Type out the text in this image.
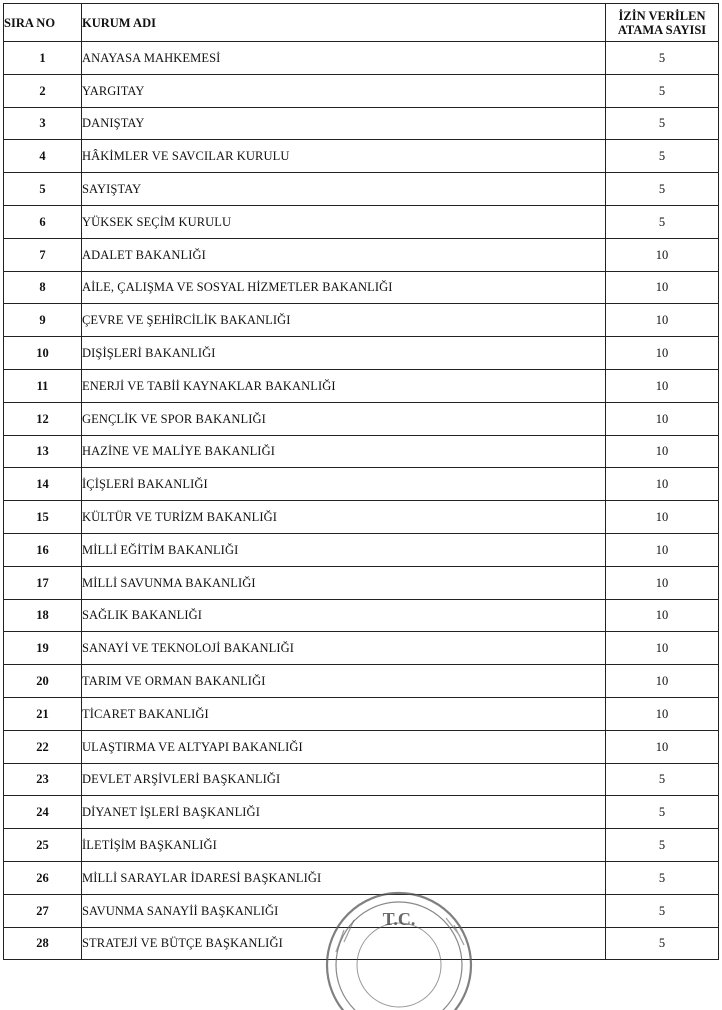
SIRA NO	KURUM ADI	İZİN VERİLEN
ATAMA SAYISI
1	ANAYASA MAHKEMESİ	5
2	YARGITAY	5
3	DANIŞTAY	5
4	HÂKİMLER VE SAVCILAR KURULU	5
5	SAYIŞTAY	5
6	YÜKSEK SEÇİM KURULU	5
7	ADALET BAKANLIĞI	10
8	AİLE, ÇALIŞMA VE SOSYAL HİZMETLER BAKANLIĞI	10
9	ÇEVRE VE ŞEHİRCİLİK BAKANLIĞI	10
10	DIŞİŞLERİ BAKANLIĞI	10
11	ENERJİ VE TABİİ KAYNAKLAR BAKANLIĞI	10
12	GENÇLİK VE SPOR BAKANLIĞI	10
13	HAZİNE VE MALİYE BAKANLIĞI	10
14	İÇİŞLERİ BAKANLIĞI	10
15	KÜLTÜR VE TURİZM BAKANLIĞI	10
16	MİLLİ EĞİTİM BAKANLIĞI	10
17	MİLLİ SAVUNMA BAKANLIĞI	10
18	SAĞLIK BAKANLIĞI	10
19	SANAYİ VE TEKNOLOJİ BAKANLIĞI	10
20	TARIM VE ORMAN BAKANLIĞI	10
21	TİCARET BAKANLIĞI	10
22	ULAŞTIRMA VE ALTYAPI BAKANLIĞI	10
23	DEVLET ARŞİVLERİ BAŞKANLIĞI	5
24	DİYANET İŞLERİ BAŞKANLIĞI	5
25	İLETİŞİM BAŞKANLIĞI	5
26	MİLLİ SARAYLAR İDARESİ BAŞKANLIĞI	5
27	SAVUNMA SANAYİİ BAŞKANLIĞI	5
28	STRATEJİ VE BÜTÇE BAŞKANLIĞI	5
T.C.
